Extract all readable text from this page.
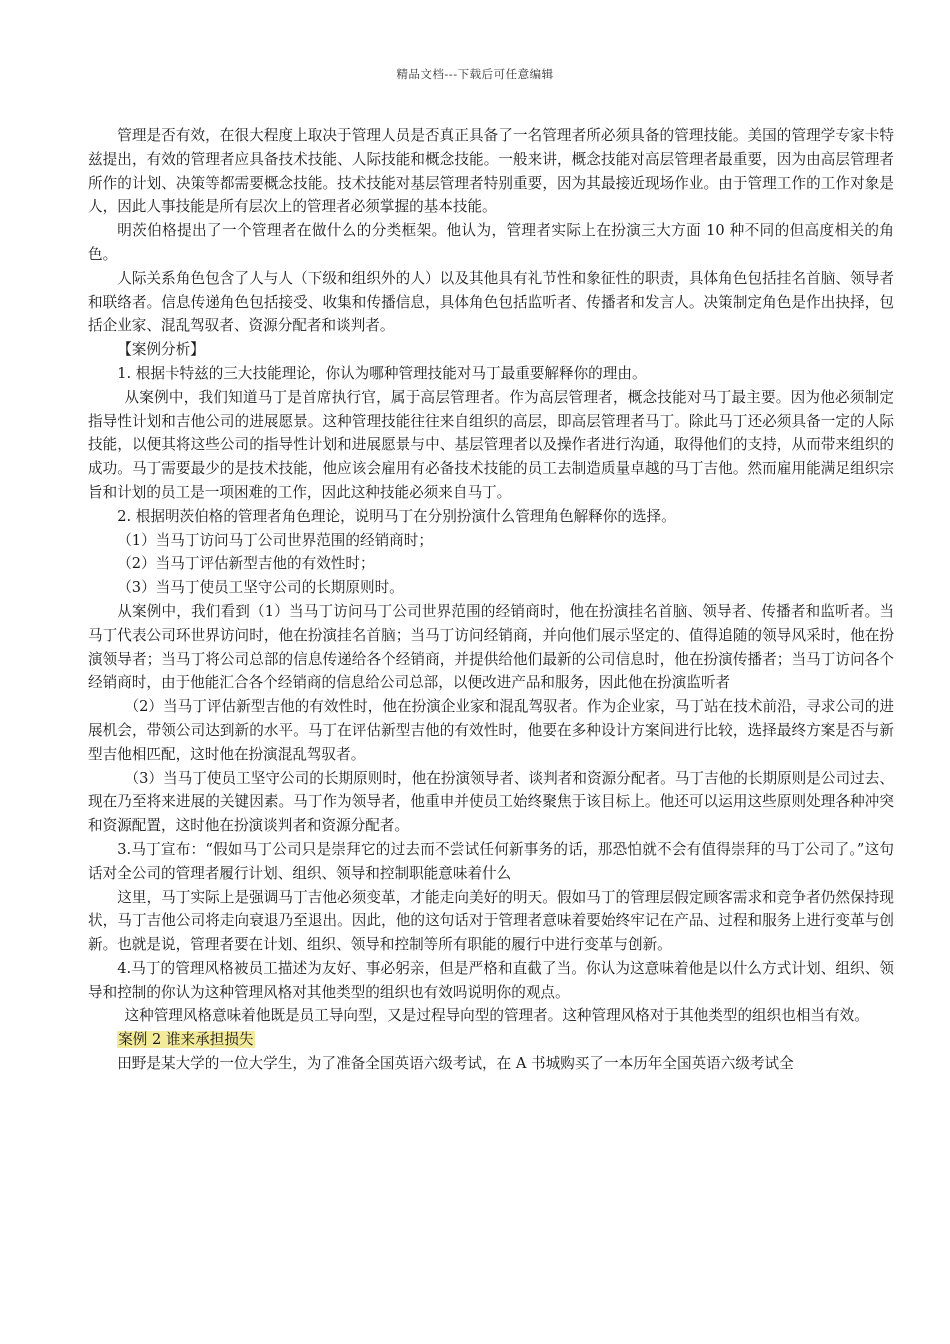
精品文档---下载后可任意编辑

管理是否有效，在很大程度上取决于管理人员是否真正具备了一名管理者所必须具备的管理技能。美国的管理学专家卡特兹提出，有效的管理者应具备技术技能、人际技能和概念技能。一般来讲，概念技能对高层管理者最重要，因为由高层管理者所作的计划、决策等都需要概念技能。技术技能对基层管理者特别重要，因为其最接近现场作业。由于管理工作的工作对象是人，因此人事技能是所有层次上的管理者必须掌握的基本技能。

明茨伯格提出了一个管理者在做什么的分类框架。他认为，管理者实际上在扮演三大方面 10 种不同的但高度相关的角色。

人际关系角色包含了人与人（下级和组织外的人）以及其他具有礼节性和象征性的职责，具体角色包括挂名首脑、领导者和联络者。信息传递角色包括接受、收集和传播信息，具体角色包括监听者、传播者和发言人。决策制定角色是作出抉择，包括企业家、混乱驾驭者、资源分配者和谈判者。

【案例分析】

1. 根据卡特兹的三大技能理论，你认为哪种管理技能对马丁最重要解释你的理由。

从案例中，我们知道马丁是首席执行官，属于高层管理者。作为高层管理者，概念技能对马丁最主要。因为他必须制定指导性计划和吉他公司的进展愿景。这种管理技能往往来自组织的高层，即高层管理者马丁。除此马丁还必须具备一定的人际技能，以便其将这些公司的指导性计划和进展愿景与中、基层管理者以及操作者进行沟通，取得他们的支持，从而带来组织的成功。马丁需要最少的是技术技能，他应该会雇用有必备技术技能的员工去制造质量卓越的马丁吉他。然而雇用能满足组织宗旨和计划的员工是一项困难的工作，因此这种技能必须来自马丁。

2. 根据明茨伯格的管理者角色理论，说明马丁在分别扮演什么管理角色解释你的选择。

（1）当马丁访问马丁公司世界范围的经销商时；

（2）当马丁评估新型吉他的有效性时；

（3）当马丁使员工坚守公司的长期原则时。

从案例中，我们看到（1）当马丁访问马丁公司世界范围的经销商时，他在扮演挂名首脑、领导者、传播者和监听者。当马丁代表公司环世界访问时，他在扮演挂名首脑；当马丁访问经销商，并向他们展示坚定的、值得追随的领导风采时，他在扮演领导者；当马丁将公司总部的信息传递给各个经销商，并提供给他们最新的公司信息时，他在扮演传播者；当马丁访问各个经销商时，由于他能汇合各个经销商的信息给公司总部，以便改进产品和服务，因此他在扮演监听者

（2）当马丁评估新型吉他的有效性时，他在扮演企业家和混乱驾驭者。作为企业家，马丁站在技术前沿，寻求公司的进展机会，带领公司达到新的水平。马丁在评估新型吉他的有效性时，他要在多种设计方案间进行比较，选择最终方案是否与新型吉他相匹配，这时他在扮演混乱驾驭者。

（3）当马丁使员工坚守公司的长期原则时，他在扮演领导者、谈判者和资源分配者。马丁吉他的长期原则是公司过去、现在乃至将来进展的关键因素。马丁作为领导者，他重申并使员工始终聚焦于该目标上。他还可以运用这些原则处理各种冲突和资源配置，这时他在扮演谈判者和资源分配者。

3.马丁宣布：“假如马丁公司只是崇拜它的过去而不尝试任何新事务的话，那恐怕就不会有值得崇拜的马丁公司了。”这句话对全公司的管理者履行计划、组织、领导和控制职能意味着什么

这里，马丁实际上是强调马丁吉他必须变革，才能走向美好的明天。假如马丁的管理层假定顾客需求和竞争者仍然保持现状，马丁吉他公司将走向衰退乃至退出。因此，他的这句话对于管理者意味着要始终牢记在产品、过程和服务上进行变革与创新。也就是说，管理者要在计划、组织、领导和控制等所有职能的履行中进行变革与创新。

4.马丁的管理风格被员工描述为友好、事必躬亲，但是严格和直截了当。你认为这意味着他是以什么方式计划、组织、领导和控制的你认为这种管理风格对其他类型的组织也有效吗说明你的观点。

这种管理风格意味着他既是员工导向型，又是过程导向型的管理者。这种管理风格对于其他类型的组织也相当有效。

案例 2 谁来承担损失

田野是某大学的一位大学生，为了准备全国英语六级考试，在 A 书城购买了一本历年全国英语六级考试全
